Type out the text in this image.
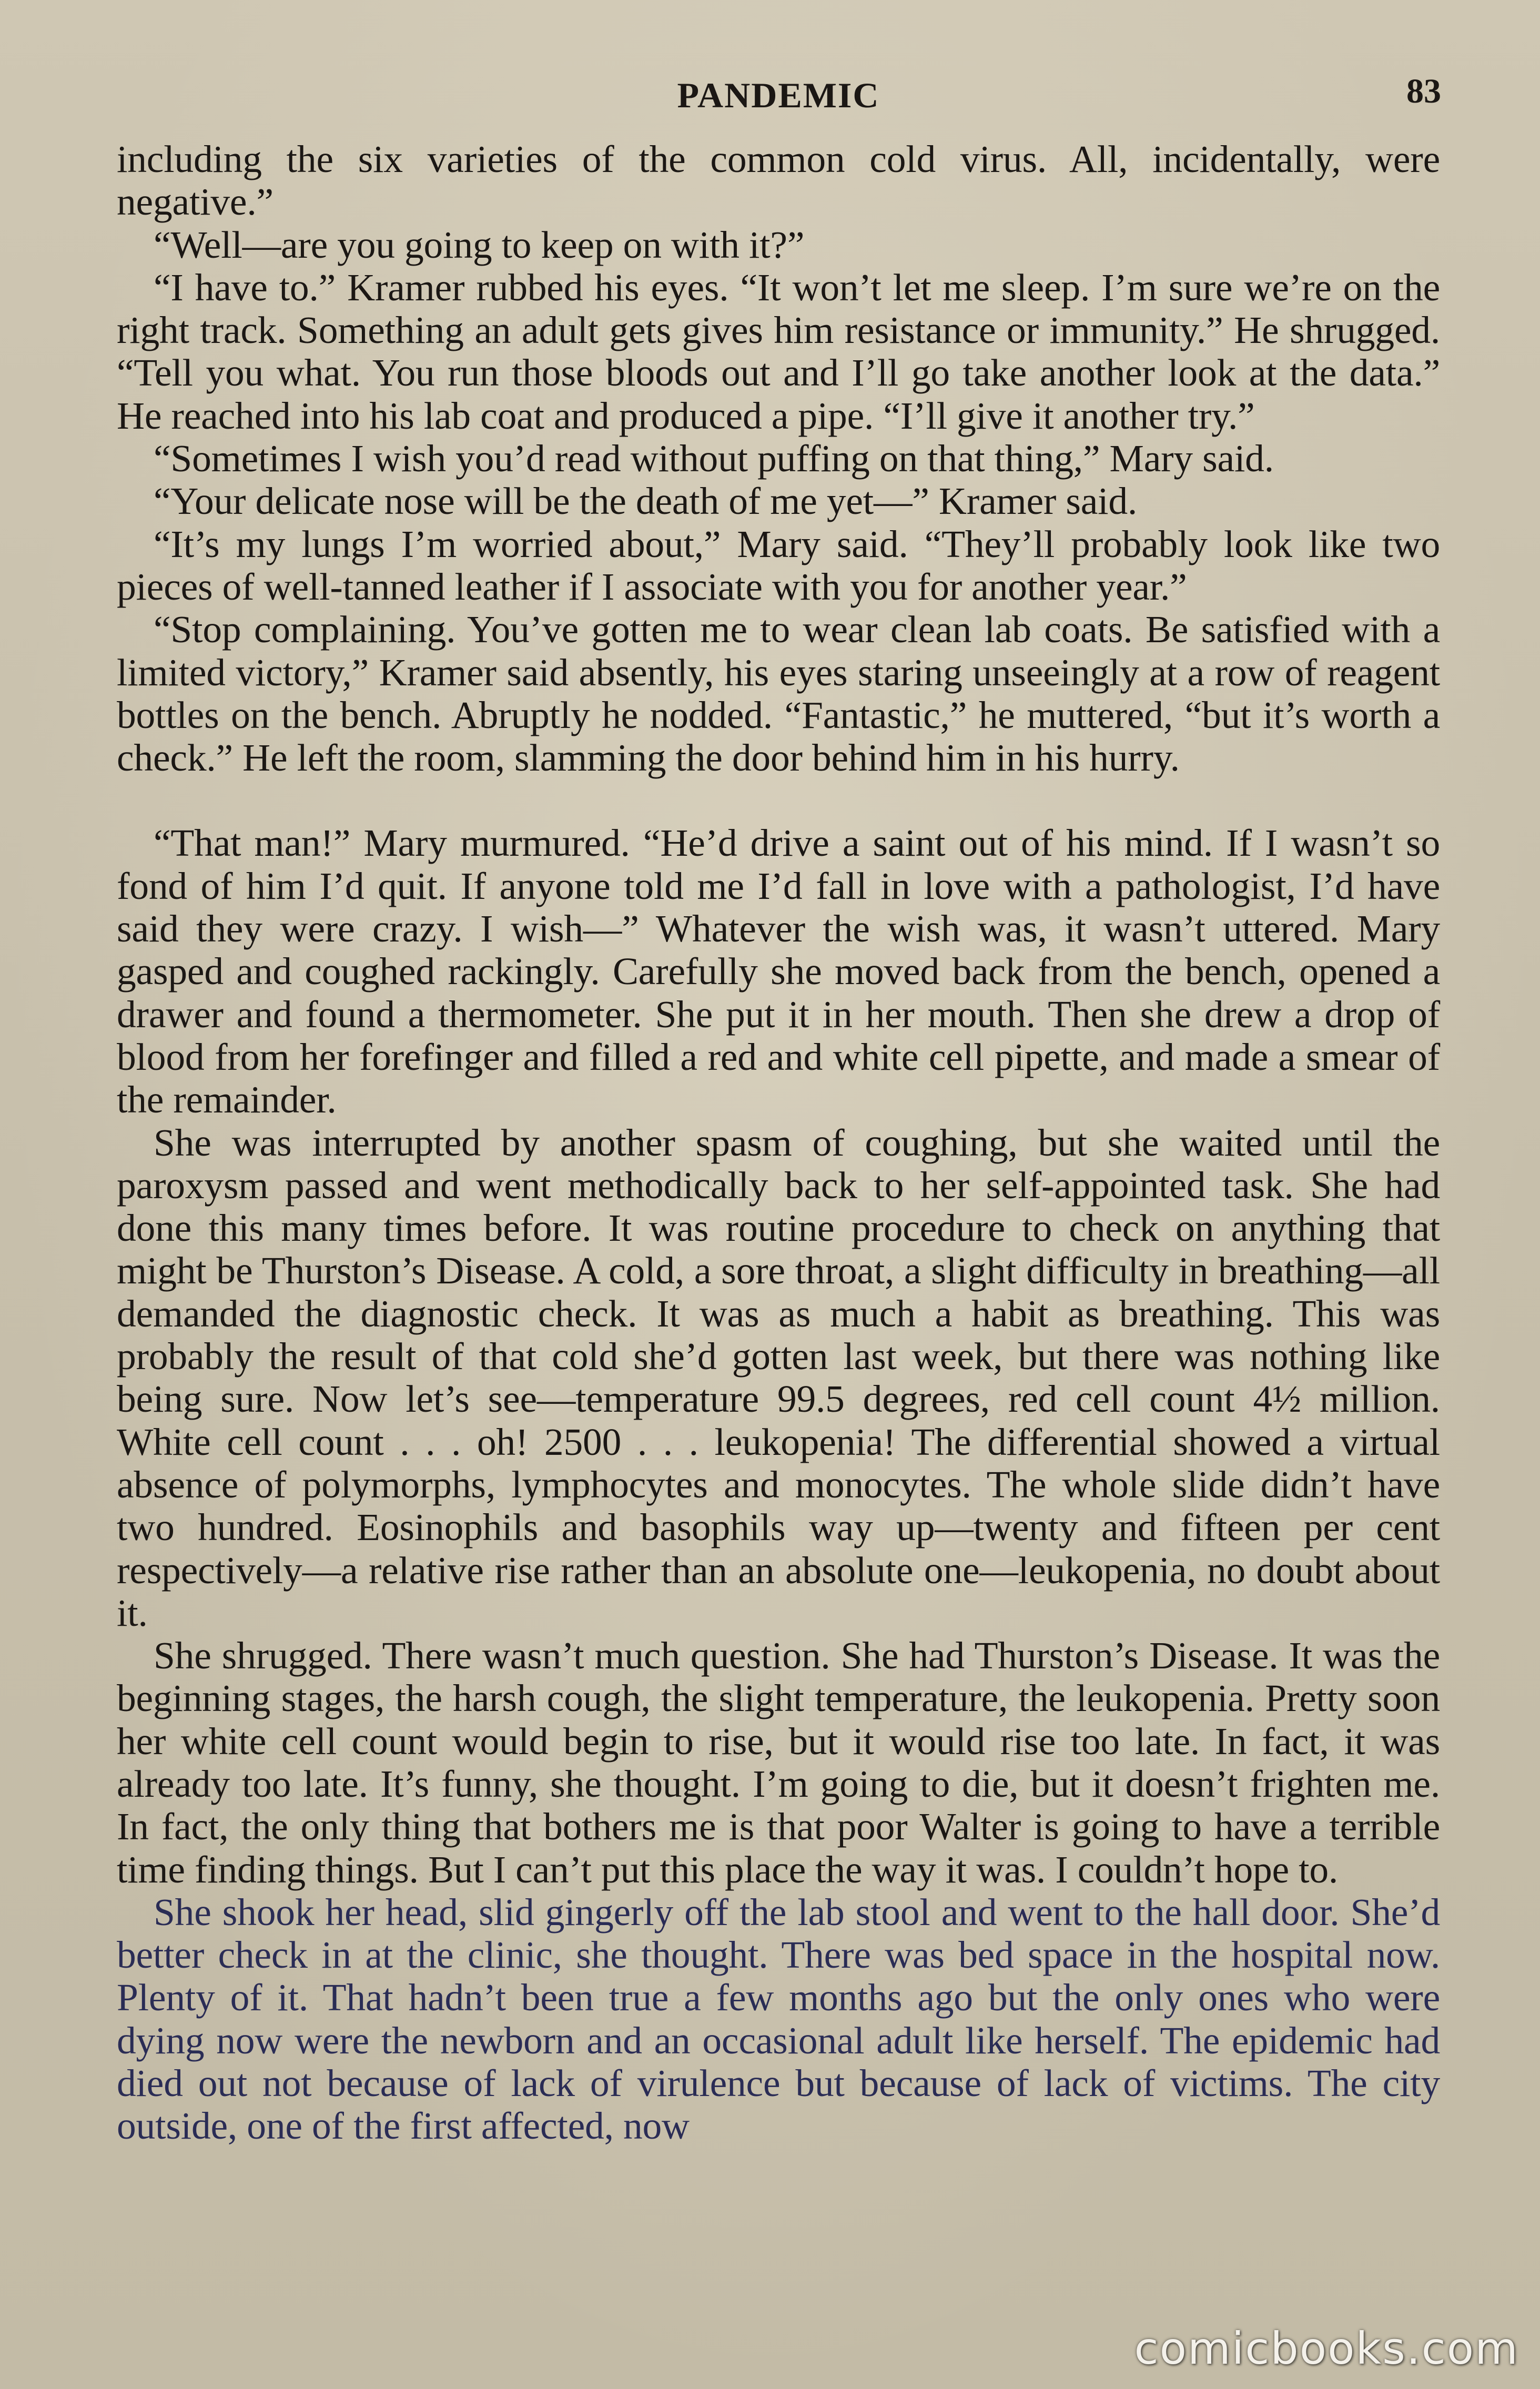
PANDEMIC	83

including the six varieties of the common cold virus. All, incidentally, were negative.”

“Well—are you going to keep on with it?”

“I have to.” Kramer rubbed his eyes. “It won’t let me sleep. I’m sure we’re on the right track. Something an adult gets gives him resistance or immunity.” He shrugged. “Tell you what. You run those bloods out and I’ll go take another look at the data.” He reached into his lab coat and produced a pipe. “I’ll give it another try.”

“Sometimes I wish you’d read without puffing on that thing,” Mary said.

“Your delicate nose will be the death of me yet—” Kramer said.

“It’s my lungs I’m worried about,” Mary said. “They’ll probably look like two pieces of well-tanned leather if I associate with you for another year.”

“Stop complaining. You’ve gotten me to wear clean lab coats. Be satisfied with a limited victory,” Kramer said absently, his eyes staring unseeingly at a row of reagent bottles on the bench. Abruptly he nodded. “Fantastic,” he muttered, “but it’s worth a check.” He left the room, slamming the door behind him in his hurry.

“That man!” Mary murmured. “He’d drive a saint out of his mind. If I wasn’t so fond of him I’d quit. If anyone told me I’d fall in love with a pathologist, I’d have said they were crazy. I wish—” Whatever the wish was, it wasn’t uttered. Mary gasped and coughed rackingly. Carefully she moved back from the bench, opened a drawer and found a thermometer. She put it in her mouth. Then she drew a drop of blood from her forefinger and filled a red and white cell pipette, and made a smear of the remainder.

She was interrupted by another spasm of coughing, but she waited until the paroxysm passed and went methodically back to her self-appointed task. She had done this many times before. It was routine procedure to check on anything that might be Thurston’s Disease. A cold, a sore throat, a slight difficulty in breathing—all demanded the diagnostic check. It was as much a habit as breathing. This was probably the result of that cold she’d gotten last week, but there was nothing like being sure. Now let’s see—temperature 99.5 degrees, red cell count 4½ million. White cell count . . . oh! 2500 . . . leukopenia! The differential showed a virtual absence of polymorphs, lymphocytes and monocytes. The whole slide didn’t have two hundred. Eosinophils and basophils way up—twenty and fifteen per cent respectively—a relative rise rather than an absolute one—leukopenia, no doubt about it.

She shrugged. There wasn’t much question. She had Thurston’s Disease. It was the beginning stages, the harsh cough, the slight temperature, the leukopenia. Pretty soon her white cell count would begin to rise, but it would rise too late. In fact, it was already too late. It’s funny, she thought. I’m going to die, but it doesn’t frighten me. In fact, the only thing that bothers me is that poor Walter is going to have a terrible time finding things. But I can’t put this place the way it was. I couldn’t hope to.

She shook her head, slid gingerly off the lab stool and went to the hall door. She’d better check in at the clinic, she thought. There was bed space in the hospital now. Plenty of it. That hadn’t been true a few months ago but the only ones who were dying now were the newborn and an occasional adult like herself. The epidemic had died out not because of lack of virulence but because of lack of victims. The city outside, one of the first affected, now

comicbooks.com
